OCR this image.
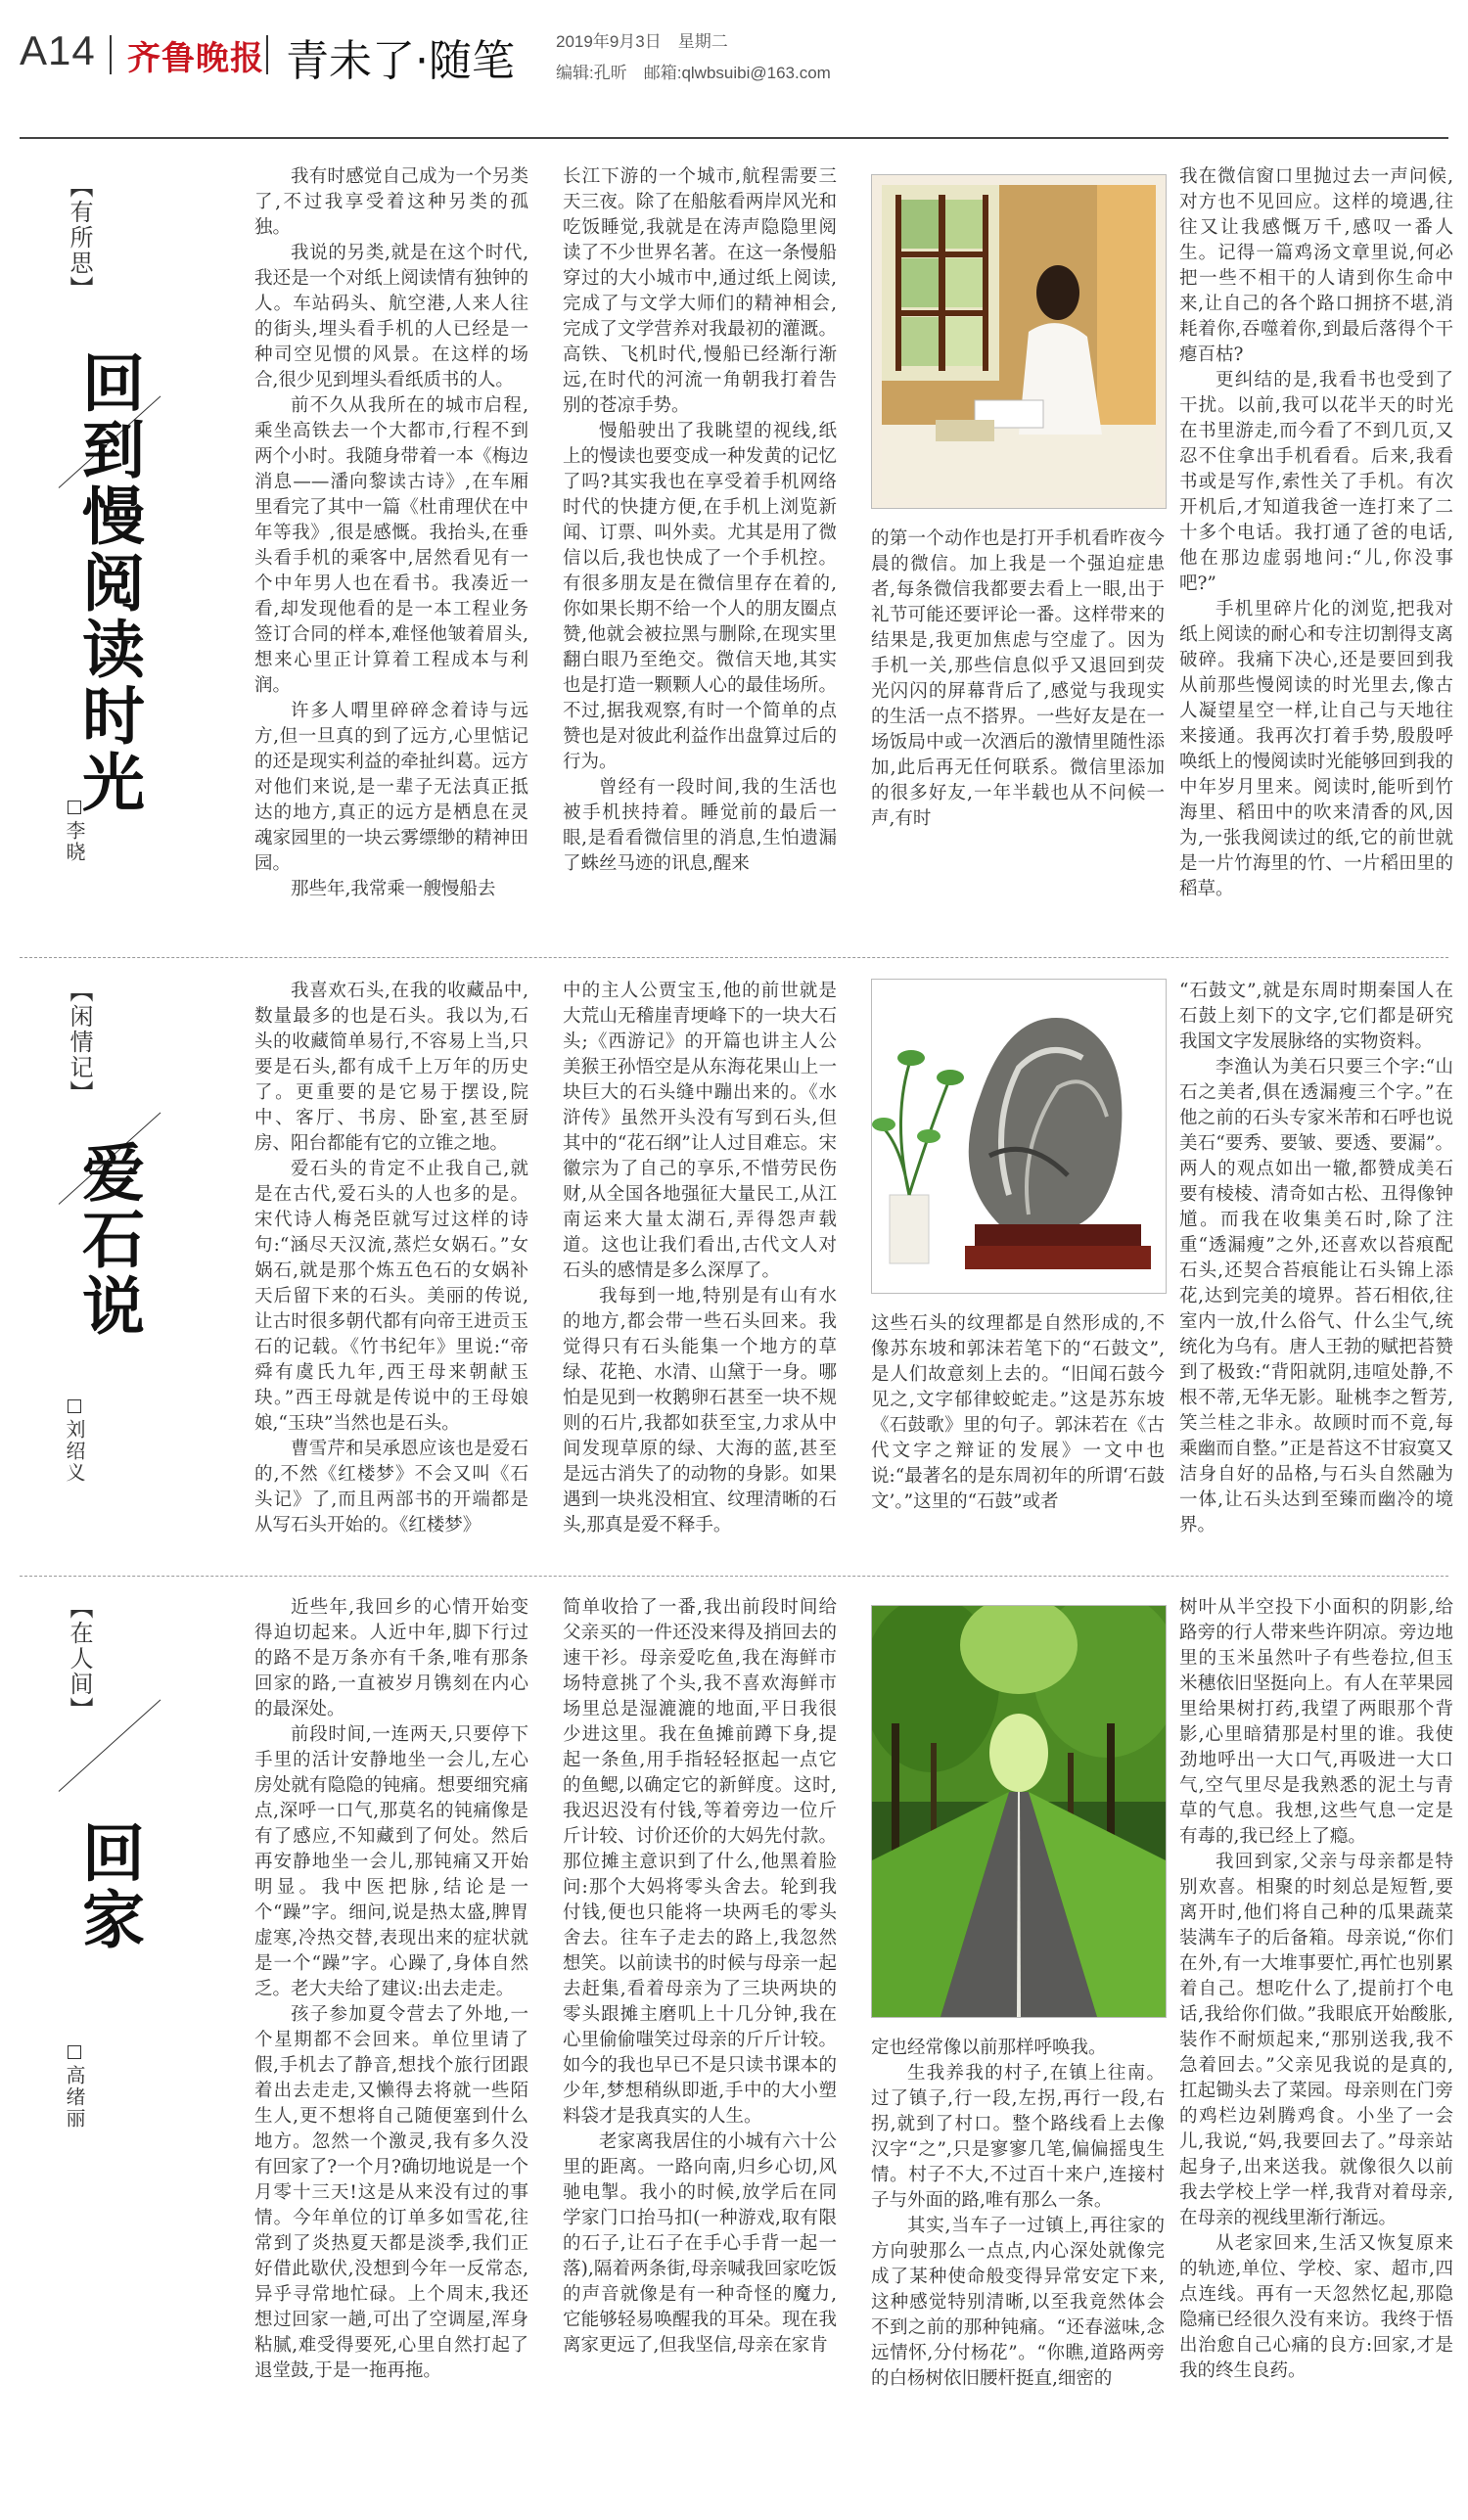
A14 齐鲁晚报 青未了·随笔 2019年9月3日　星期二
编辑:孔昕　邮箱:qlwbsuibi@163.com
【有所思】
回到慢阅读时光
李晓

我有时感觉自己成为一个另类了,不过我享受着这种另类的孤独。

我说的另类,就是在这个时代,我还是一个对纸上阅读情有独钟的人。车站码头、航空港,人来人往的街头,埋头看手机的人已经是一种司空见惯的风景。在这样的场合,很少见到埋头看纸质书的人。

前不久从我所在的城市启程,乘坐高铁去一个大都市,行程不到两个小时。我随身带着一本《梅边消息——潘向黎读古诗》,在车厢里看完了其中一篇《杜甫理伏在中年等我》,很是感慨。我抬头,在垂头看手机的乘客中,居然看见有一个中年男人也在看书。我凑近一看,却发现他看的是一本工程业务签订合同的样本,难怪他皱着眉头,想来心里正计算着工程成本与利润。

许多人喟里碎碎念着诗与远方,但一旦真的到了远方,心里惦记的还是现实利益的牵扯纠葛。远方对他们来说,是一辈子无法真正抵达的地方,真正的远方是栖息在灵魂家园里的一块云雾缥缈的精神田园。

那些年,我常乘一艘慢船去

长江下游的一个城市,航程需要三天三夜。除了在船舷看两岸风光和吃饭睡觉,我就是在涛声隐隐里阅读了不少世界名著。在这一条慢船穿过的大小城市中,通过纸上阅读,完成了与文学大师们的精神相会,完成了文学营养对我最初的灌溉。高铁、飞机时代,慢船已经渐行渐远,在时代的河流一角朝我打着告别的苍凉手势。

慢船驶出了我眺望的视线,纸上的慢读也要变成一种发黄的记忆了吗?其实我也在享受着手机网络时代的快捷方便,在手机上浏览新闻、订票、叫外卖。尤其是用了微信以后,我也快成了一个手机控。有很多朋友是在微信里存在着的,你如果长期不给一个人的朋友圈点赞,他就会被拉黑与删除,在现实里翻白眼乃至绝交。微信天地,其实也是打造一颗颗人心的最佳场所。不过,据我观察,有时一个简单的点赞也是对彼此利益作出盘算过后的行为。

曾经有一段时间,我的生活也被手机挟持着。睡觉前的最后一眼,是看看微信里的消息,生怕遗漏了蛛丝马迹的讯息,醒来

的第一个动作也是打开手机看昨夜今晨的微信。加上我是一个强迫症患者,每条微信我都要去看上一眼,出于礼节可能还要评论一番。这样带来的结果是,我更加焦虑与空虚了。因为手机一关,那些信息似乎又退回到荧光闪闪的屏幕背后了,感觉与我现实的生活一点不搭界。一些好友是在一场饭局中或一次酒后的激情里随性添加,此后再无任何联系。微信里添加的很多好友,一年半载也从不问候一声,有时

我在微信窗口里抛过去一声问候,对方也不见回应。这样的境遇,往往又让我感慨万千,感叹一番人生。记得一篇鸡汤文章里说,何必把一些不相干的人请到你生命中来,让自己的各个路口拥挤不堪,消耗着你,吞噬着你,到最后落得个干瘪百枯?

更纠结的是,我看书也受到了干扰。以前,我可以花半天的时光在书里游走,而今看了不到几页,又忍不住拿出手机看看。后来,我看书或是写作,索性关了手机。有次开机后,才知道我爸一连打来了二十多个电话。我打通了爸的电话,他在那边虚弱地问:“儿,你没事吧?”

手机里碎片化的浏览,把我对纸上阅读的耐心和专注切割得支离破碎。我痛下决心,还是要回到我从前那些慢阅读的时光里去,像古人凝望星空一样,让自己与天地往来接通。我再次打着手势,殷殷呼唤纸上的慢阅读时光能够回到我的中年岁月里来。阅读时,能听到竹海里、稻田中的吹来清香的风,因为,一张我阅读过的纸,它的前世就是一片竹海里的竹、一片稻田里的稻草。

【闲情记】
爱石说
刘绍义

我喜欢石头,在我的收藏品中,数量最多的也是石头。我以为,石头的收藏简单易行,不容易上当,只要是石头,都有成千上万年的历史了。更重要的是它易于摆设,院中、客厅、书房、卧室,甚至厨房、阳台都能有它的立锥之地。

爱石头的肯定不止我自己,就是在古代,爱石头的人也多的是。宋代诗人梅尧臣就写过这样的诗句:“涵尽天汉流,蒸烂女娲石。”女娲石,就是那个炼五色石的女娲补天后留下来的石头。美丽的传说,让古时很多朝代都有向帝王进贡玉石的记载。《竹书纪年》里说:“帝舜有虞氏九年,西王母来朝献玉玦。”西王母就是传说中的王母娘娘,“玉玦”当然也是石头。

曹雪芹和吴承恩应该也是爱石的,不然《红楼梦》不会又叫《石头记》了,而且两部书的开端都是从写石头开始的。《红楼梦》

中的主人公贾宝玉,他的前世就是大荒山无稽崖青埂峰下的一块大石头;《西游记》的开篇也讲主人公美猴王孙悟空是从东海花果山上一块巨大的石头缝中蹦出来的。《水浒传》虽然开头没有写到石头,但其中的“花石纲”让人过目难忘。宋徽宗为了自己的享乐,不惜劳民伤财,从全国各地强征大量民工,从江南运来大量太湖石,弄得怨声载道。这也让我们看出,古代文人对石头的感情是多么深厚了。

我每到一地,特别是有山有水的地方,都会带一些石头回来。我觉得只有石头能集一个地方的草绿、花艳、水清、山黛于一身。哪怕是见到一枚鹅卵石甚至一块不规则的石片,我都如获至宝,力求从中间发现草原的绿、大海的蓝,甚至是远古消失了的动物的身影。如果遇到一块兆没相宜、纹理清晰的石头,那真是爱不释手。

这些石头的纹理都是自然形成的,不像苏东坡和郭沫若笔下的“石鼓文”,是人们故意刻上去的。“旧闻石鼓今见之,文字郁律蛟蛇走。”这是苏东坡《石鼓歌》里的句子。郭沫若在《古代文字之辩证的发展》一文中也说:“最著名的是东周初年的所谓‘石鼓文’。”这里的“石鼓”或者

“石鼓文”,就是东周时期秦国人在石鼓上刻下的文字,它们都是研究我国文字发展脉络的实物资料。

李渔认为美石只要三个字:“山石之美者,俱在透漏瘦三个字。”在他之前的石头专家米芾和石呼也说美石“要秀、要皱、要透、要漏”。两人的观点如出一辙,都赞成美石要有棱棱、清奇如古松、丑得像钟馗。而我在收集美石时,除了注重“透漏瘦”之外,还喜欢以苔痕配石头,还契合苔痕能让石头锦上添花,达到完美的境界。苔石相依,往室内一放,什么俗气、什么尘气,统统化为乌有。唐人王勃的赋把苔赞到了极致:“背阳就阴,违喧处静,不根不蒂,无华无影。耻桃李之暂芳,笑兰桂之非永。故顾时而不竟,每乘幽而自整。”正是苔这不甘寂寞又洁身自好的品格,与石头自然融为一体,让石头达到至臻而幽冷的境界。

【在人间】
回家
高绪丽

近些年,我回乡的心情开始变得迫切起来。人近中年,脚下行过的路不是万条亦有千条,唯有那条回家的路,一直被岁月镌刻在内心的最深处。

前段时间,一连两天,只要停下手里的活计安静地坐一会儿,左心房处就有隐隐的钝痛。想要细究痛点,深呼一口气,那莫名的钝痛像是有了感应,不知藏到了何处。然后再安静地坐一会儿,那钝痛又开始明显。我中医把脉,结论是一个“躁”字。细问,说是热太盛,脾胃虚寒,冷热交替,表现出来的症状就是一个“躁”字。心躁了,身体自然乏。老大夫给了建议:出去走走。

孩子参加夏令营去了外地,一个星期都不会回来。单位里请了假,手机去了静音,想找个旅行团跟着出去走走,又懒得去将就一些陌生人,更不想将自己随便塞到什么地方。忽然一个激灵,我有多久没有回家了?一个月?确切地说是一个月零十三天!这是从来没有过的事情。今年单位的订单多如雪花,往常到了炎热夏天都是淡季,我们正好借此歇伏,没想到今年一反常态,异乎寻常地忙碌。上个周末,我还想过回家一趟,可出了空调屋,浑身粘腻,难受得要死,心里自然打起了退堂鼓,于是一拖再拖。

简单收拾了一番,我出前段时间给父亲买的一件还没来得及捎回去的速干衫。母亲爱吃鱼,我在海鲜市场特意挑了个头,我不喜欢海鲜市场里总是湿漉漉的地面,平日我很少进这里。我在鱼摊前蹲下身,提起一条鱼,用手指轻轻抠起一点它的鱼鳃,以确定它的新鲜度。这时,我迟迟没有付钱,等着旁边一位斤斤计较、讨价还价的大妈先付款。那位摊主意识到了什么,他黑着脸问:那个大妈将零头舍去。轮到我付钱,便也只能将一块两毛的零头舍去。往车子走去的路上,我忽然想笑。以前读书的时候与母亲一起去赶集,看着母亲为了三块两块的零头跟摊主磨叽上十几分钟,我在心里偷偷嗤笑过母亲的斤斤计较。如今的我也早已不是只读书课本的少年,梦想稍纵即逝,手中的大小塑料袋才是我真实的人生。

老家离我居住的小城有六十公里的距离。一路向南,归乡心切,风驰电掣。我小的时候,放学后在同学家门口抬马扣(一种游戏,取有限的石子,让石子在手心手背一起一落),隔着两条街,母亲喊我回家吃饭的声音就像是有一种奇怪的魔力,它能够轻易唤醒我的耳朵。现在我离家更远了,但我坚信,母亲在家肯

定也经常像以前那样呼唤我。

生我养我的村子,在镇上往南。过了镇子,行一段,左拐,再行一段,右拐,就到了村口。整个路线看上去像汉字“之”,只是寥寥几笔,偏偏摇曳生情。村子不大,不过百十来户,连接村子与外面的路,唯有那么一条。

其实,当车子一过镇上,再往家的方向驶那么一点点,内心深处就像完成了某种使命般变得异常安定下来,这种感觉特别清晰,以至我竟然体会不到之前的那种钝痛。“还春滋味,念远情怀,分付杨花”。“你瞧,道路两旁的白杨树依旧腰杆挺直,细密的

树叶从半空投下小面积的阴影,给路旁的行人带来些许阴凉。旁边地里的玉米虽然叶子有些卷拉,但玉米穗依旧坚挺向上。有人在苹果园里给果树打药,我望了两眼那个背影,心里暗猜那是村里的谁。我使劲地呼出一大口气,再吸进一大口气,空气里尽是我熟悉的泥土与青草的气息。我想,这些气息一定是有毒的,我已经上了瘾。

我回到家,父亲与母亲都是特别欢喜。相聚的时刻总是短暂,要离开时,他们将自己种的瓜果蔬菜装满车子的后备箱。母亲说,“你们在外,有一大堆事要忙,再忙也别累着自己。想吃什么了,提前打个电话,我给你们做。”我眼底开始酸胀,装作不耐烦起来,“那别送我,我不急着回去。”父亲见我说的是真的,扛起锄头去了菜园。母亲则在门旁的鸡栏边剁腾鸡食。小坐了一会儿,我说,“妈,我要回去了。”母亲站起身子,出来送我。就像很久以前我去学校上学一样,我背对着母亲,在母亲的视线里渐行渐远。

从老家回来,生活又恢复原来的轨迹,单位、学校、家、超市,四点连线。再有一天忽然忆起,那隐隐痛已经很久没有来访。我终于悟出治愈自己心痛的良方:回家,才是我的终生良药。
